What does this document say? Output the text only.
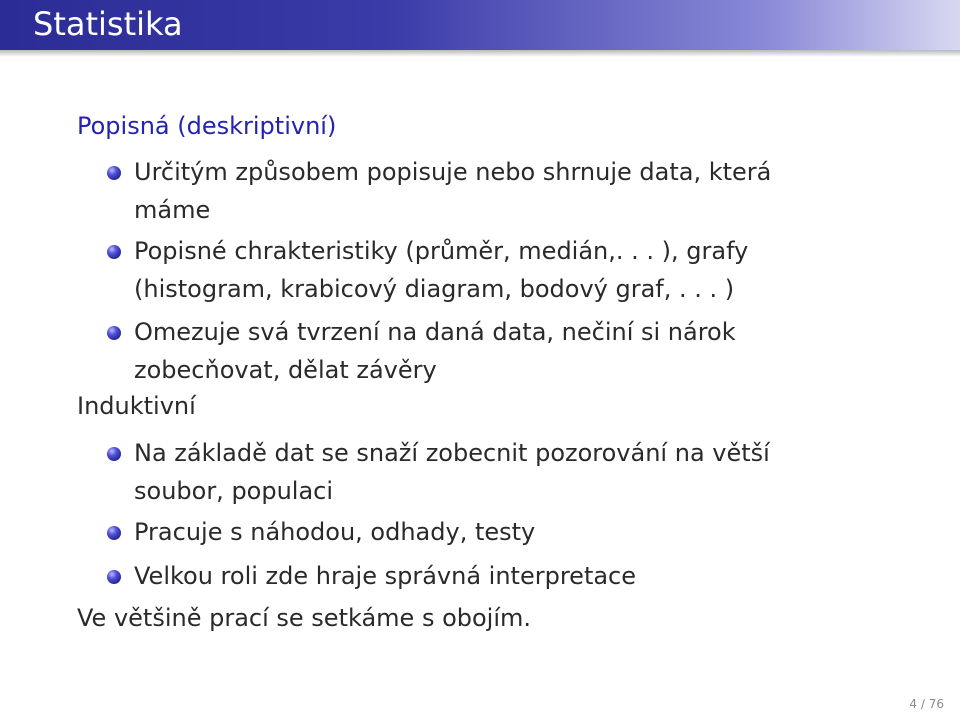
Statistika
Popisná (deskriptivní)
Určitým způsobem popisuje nebo shrnuje data, která máme
Popisné chrakteristiky (průměr, medián,. . . ), grafy (histogram, krabicový diagram, bodový graf, . . . )
Omezuje svá tvrzení na daná data, nečiní si nárok zobecňovat, dělat závěry
Induktivní
Na základě dat se snaží zobecnit pozorování na větší soubor, populaci
Pracuje s náhodou, odhady, testy
Velkou roli zde hraje správná interpretace
Ve většině prací se setkáme s obojím.
4 / 76
